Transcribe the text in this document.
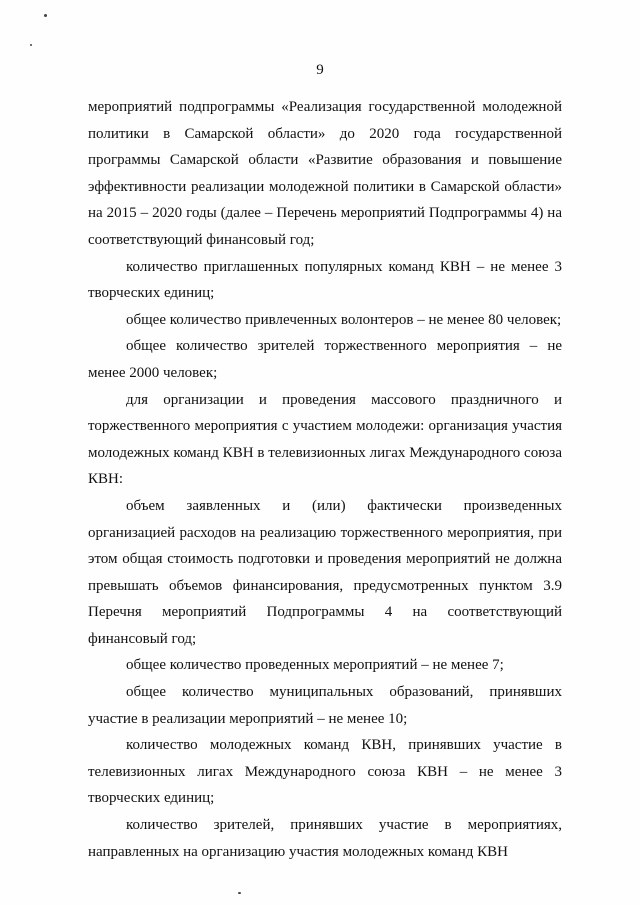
9

мероприятий подпрограммы «Реализация государственной молодежной политики в Самарской области» до 2020 года государственной программы Самарской области «Развитие образования и повышение эффективности реализации молодежной политики в Самарской области» на 2015 – 2020 годы (далее – Перечень мероприятий Подпрограммы 4) на соответствующий финансовый год;

количество приглашенных популярных команд КВН – не менее 3 творческих единиц;

общее количество привлеченных волонтеров – не менее 80 человек;

общее количество зрителей торжественного мероприятия – не менее 2000 человек;

для организации и проведения массового праздничного и торжественного мероприятия с участием молодежи: организация участия молодежных команд КВН в телевизионных лигах Международного союза КВН:

объем заявленных и (или) фактически произведенных организацией расходов на реализацию торжественного мероприятия, при этом общая стоимость подготовки и проведения мероприятий не должна превышать объемов финансирования, предусмотренных пунктом 3.9 Перечня мероприятий Подпрограммы 4 на соответствующий финансовый год;

общее количество проведенных мероприятий – не менее 7;

общее количество муниципальных образований, принявших участие в реализации мероприятий – не менее 10;

количество молодежных команд КВН, принявших участие в телевизионных лигах Международного союза КВН – не менее 3 творческих единиц;

количество зрителей, принявших участие в мероприятиях, направленных на организацию участия молодежных команд КВН
